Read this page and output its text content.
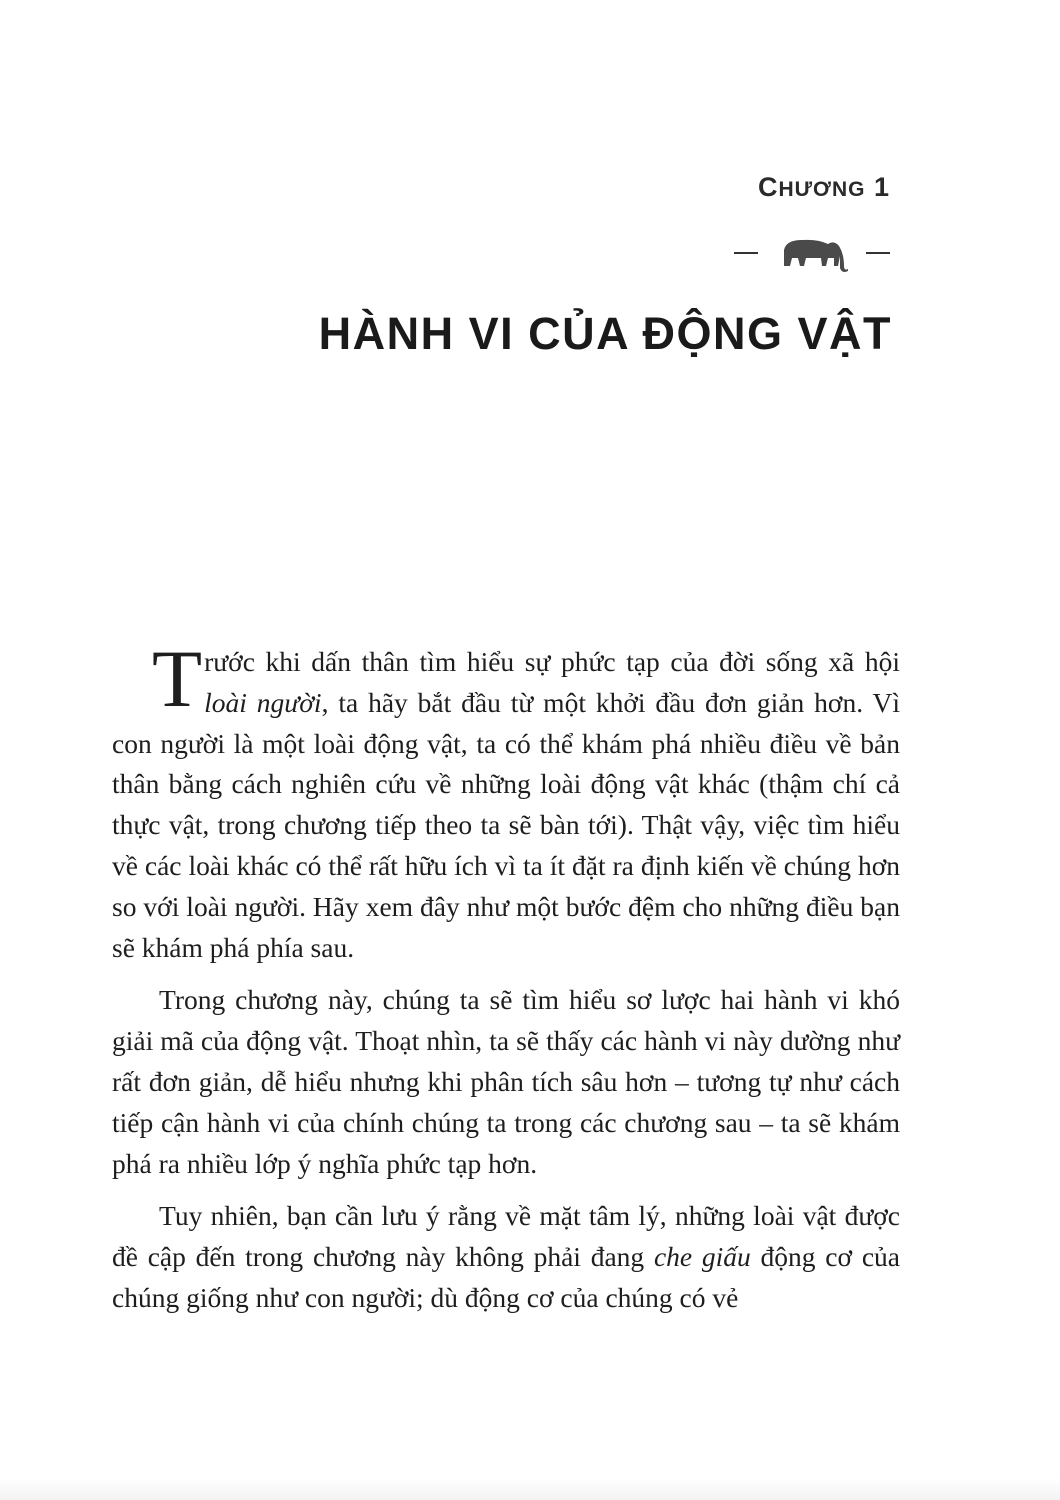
CHƯƠNG 1
HÀNH VI CỦA ĐỘNG VẬT

Trước khi dấn thân tìm hiểu sự phức tạp của đời sống xã hội loài người, ta hãy bắt đầu từ một khởi đầu đơn giản hơn. Vì con người là một loài động vật, ta có thể khám phá nhiều điều về bản thân bằng cách nghiên cứu về những loài động vật khác (thậm chí cả thực vật, trong chương tiếp theo ta sẽ bàn tới). Thật vậy, việc tìm hiểu về các loài khác có thể rất hữu ích vì ta ít đặt ra định kiến về chúng hơn so với loài người. Hãy xem đây như một bước đệm cho những điều bạn sẽ khám phá phía sau.

Trong chương này, chúng ta sẽ tìm hiểu sơ lược hai hành vi khó giải mã của động vật. Thoạt nhìn, ta sẽ thấy các hành vi này dường như rất đơn giản, dễ hiểu nhưng khi phân tích sâu hơn – tương tự như cách tiếp cận hành vi của chính chúng ta trong các chương sau – ta sẽ khám phá ra nhiều lớp ý nghĩa phức tạp hơn.

Tuy nhiên, bạn cần lưu ý rằng về mặt tâm lý, những loài vật được đề cập đến trong chương này không phải đang che giấu động cơ của chúng giống như con người; dù động cơ của chúng có vẻ
